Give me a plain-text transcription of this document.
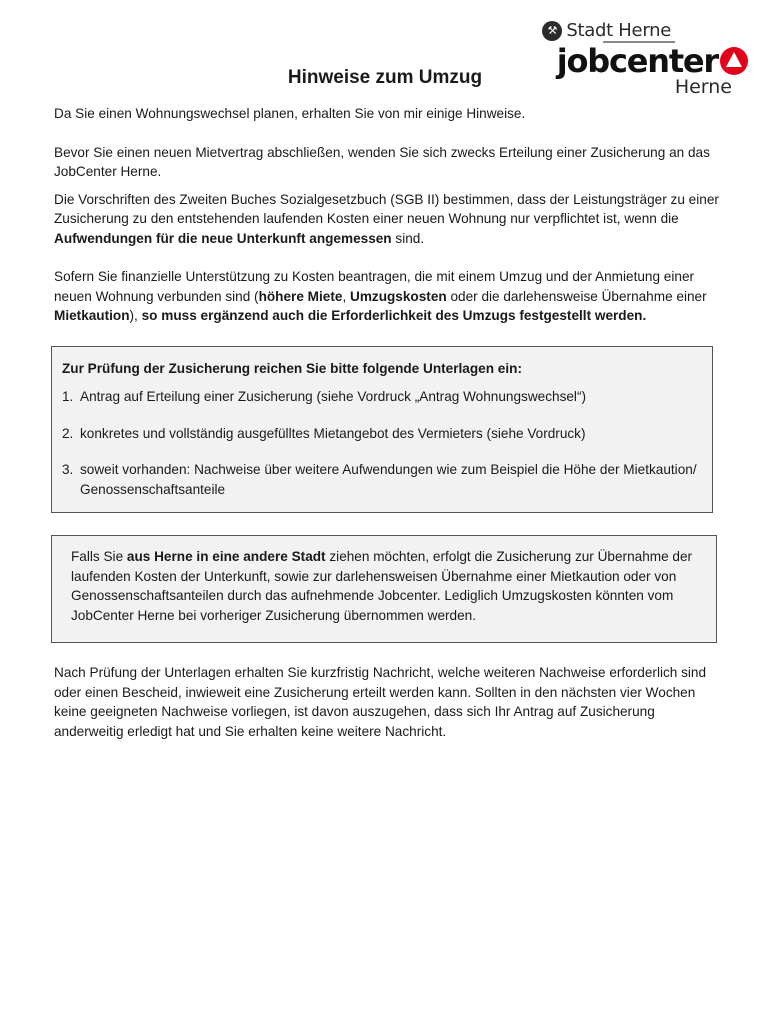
⚒ Stadt Herne
jobcenter
Herne
Hinweise zum Umzug

Da Sie einen Wohnungswechsel planen, erhalten Sie von mir einige Hinweise.

Bevor Sie einen neuen Mietvertrag abschließen, wenden Sie sich zwecks Erteilung einer Zusicherung an das JobCenter Herne.

Die Vorschriften des Zweiten Buches Sozialgesetzbuch (SGB II) bestimmen, dass der Leistungsträger zu einer Zusicherung zu den entstehenden laufenden Kosten einer neuen Wohnung nur verpflichtet ist, wenn die Aufwendungen für die neue Unterkunft angemessen sind.

Sofern Sie finanzielle Unterstützung zu Kosten beantragen, die mit einem Umzug und der Anmietung einer neuen Wohnung verbunden sind (höhere Miete, Umzugskosten oder die darlehensweise Übernahme einer Mietkaution), so muss ergänzend auch die Erforderlichkeit des Umzugs festgestellt werden.

Zur Prüfung der Zusicherung reichen Sie bitte folgende Unterlagen ein:
1. Antrag auf Erteilung einer Zusicherung (siehe Vordruck „Antrag Wohnungswechsel“)
2. konkretes und vollständig ausgefülltes Mietangebot des Vermieters (siehe Vordruck)
3. soweit vorhanden: Nachweise über weitere Aufwendungen wie zum Beispiel die Höhe der Mietkaution/ Genossenschaftsanteile
Falls Sie aus Herne in eine andere Stadt ziehen möchten, erfolgt die Zusicherung zur Übernahme der laufenden Kosten der Unterkunft, sowie zur darlehensweisen Übernahme einer Mietkaution oder von Genossenschaftsanteilen durch das aufnehmende Jobcenter. Lediglich Umzugskosten könnten vom JobCenter Herne bei vorheriger Zusicherung übernommen werden.

Nach Prüfung der Unterlagen erhalten Sie kurzfristig Nachricht, welche weiteren Nachweise erforderlich sind oder einen Bescheid, inwieweit eine Zusicherung erteilt werden kann. Sollten in den nächsten vier Wochen keine geeigneten Nachweise vorliegen, ist davon auszugehen, dass sich Ihr Antrag auf Zusicherung anderweitig erledigt hat und Sie erhalten keine weitere Nachricht.
